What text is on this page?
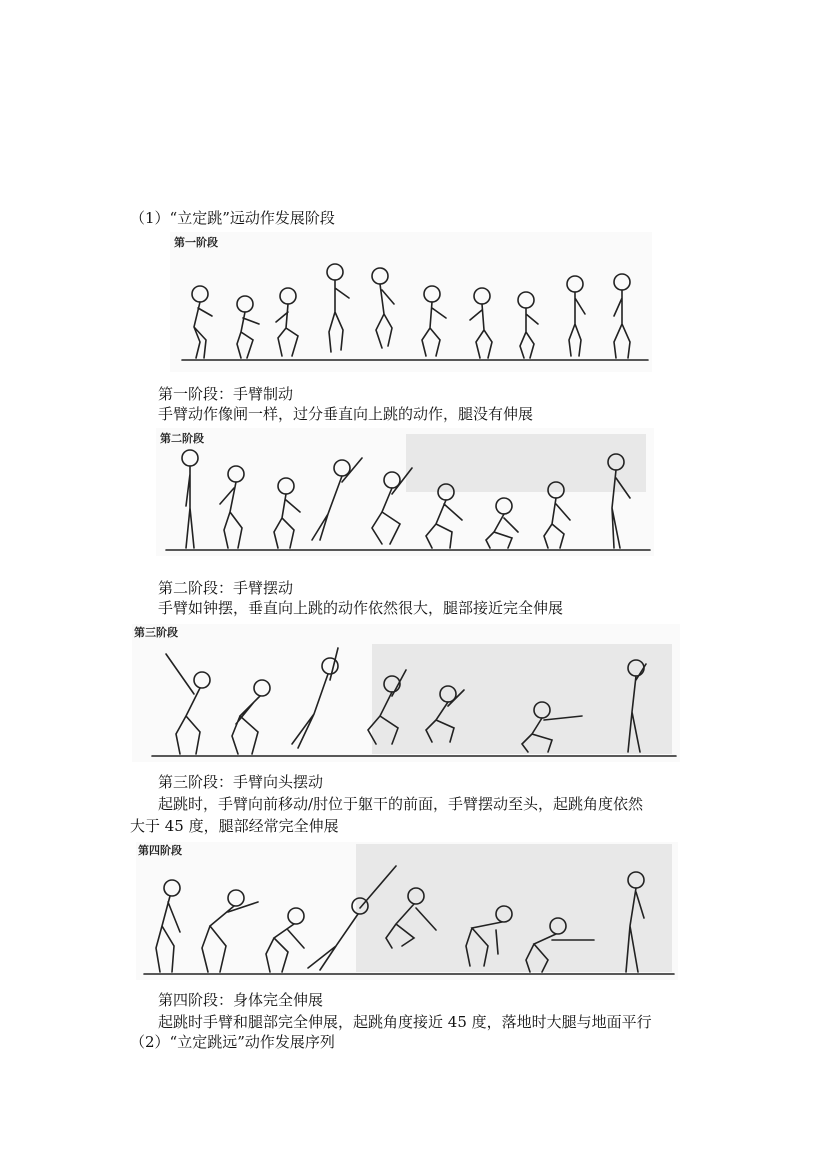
（1）“立定跳”远动作发展阶段
第一阶段
第一阶段：手臂制动
手臂动作像闸一样，过分垂直向上跳的动作，腿没有伸展
第二阶段
第二阶段：手臂摆动
手臂如钟摆，垂直向上跳的动作依然很大，腿部接近完全伸展
第三阶段
第三阶段：手臂向头摆动
起跳时，手臂向前移动/肘位于躯干的前面，手臂摆动至头，起跳角度依然
大于 45 度，腿部经常完全伸展
第四阶段
第四阶段：身体完全伸展
起跳时手臂和腿部完全伸展，起跳角度接近 45 度，落地时大腿与地面平行
（2）“立定跳远”动作发展序列
